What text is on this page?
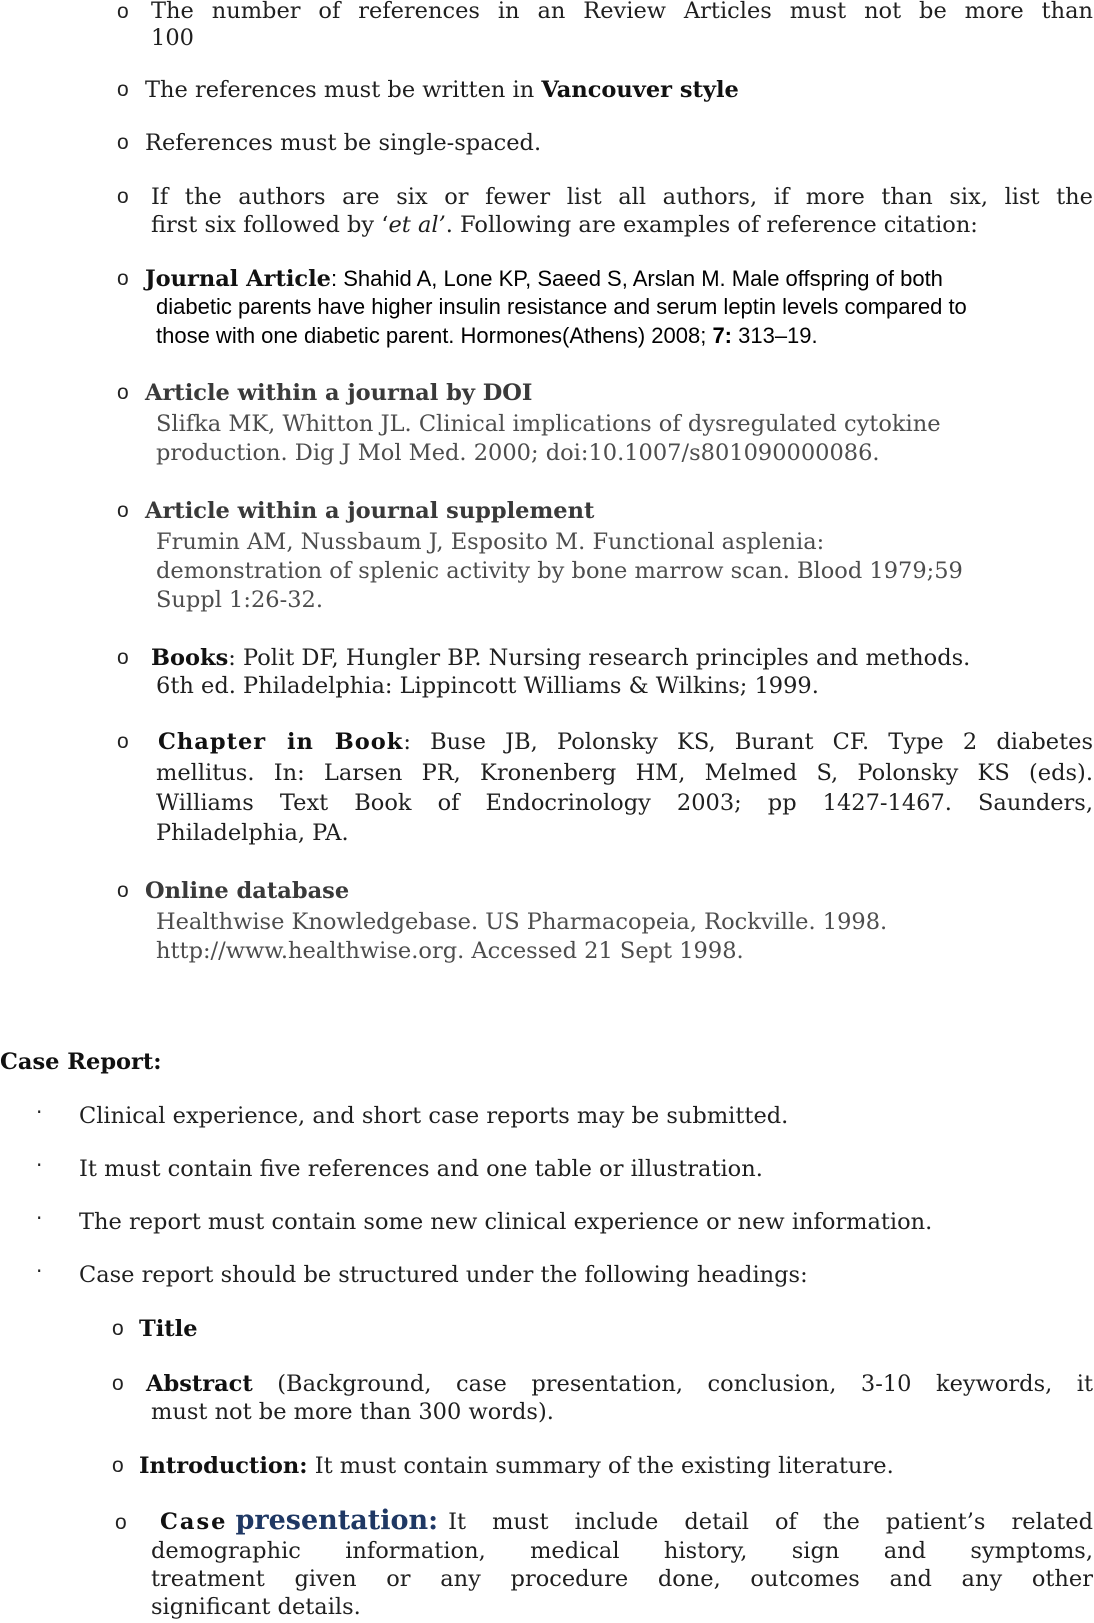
o The number of references in an Review Articles must not be more than
100
o The references must be written in Vancouver style
o References must be single-spaced.
o If the authors are six or fewer list all authors, if more than six, list the
first six followed by ‘et al’. Following are examples of reference citation:
o Journal Article: Shahid A, Lone KP, Saeed S, Arslan M. Male offspring of both
diabetic parents have higher insulin resistance and serum leptin levels compared to
those with one diabetic parent. Hormones(Athens) 2008; 7: 313–19.
o Article within a journal by DOI
Slifka MK, Whitton JL. Clinical implications of dysregulated cytokine
production. Dig J Mol Med. 2000; doi:10.1007/s801090000086.
o Article within a journal supplement
Frumin AM, Nussbaum J, Esposito M. Functional asplenia:
demonstration of splenic activity by bone marrow scan. Blood 1979;59
Suppl 1:26-32.
o Books: Polit DF, Hungler BP. Nursing research principles and methods.
6th ed. Philadelphia: Lippincott Williams & Wilkins; 1999.
o Chapter in Book: Buse JB, Polonsky KS, Burant CF. Type 2 diabetes
mellitus. In: Larsen PR, Kronenberg HM, Melmed S, Polonsky KS (eds).
Williams Text Book of Endocrinology 2003; pp 1427-1467. Saunders,
Philadelphia, PA.
o Online database
Healthwise Knowledgebase. US Pharmacopeia, Rockville. 1998.
http://www.healthwise.org. Accessed 21 Sept 1998.
Case Report:
· Clinical experience, and short case reports may be submitted.
· It must contain five references and one table or illustration.
· The report must contain some new clinical experience or new information.
· Case report should be structured under the following headings:
o Title
o Abstract (Background, case presentation, conclusion, 3-10 keywords, it
must not be more than 300 words).
o Introduction: It must contain summary of the existing literature.
o Case presentation: It must include detail of the patient’s related
demographic information, medical history, sign and symptoms,
treatment given or any procedure done, outcomes and any other
significant details.
